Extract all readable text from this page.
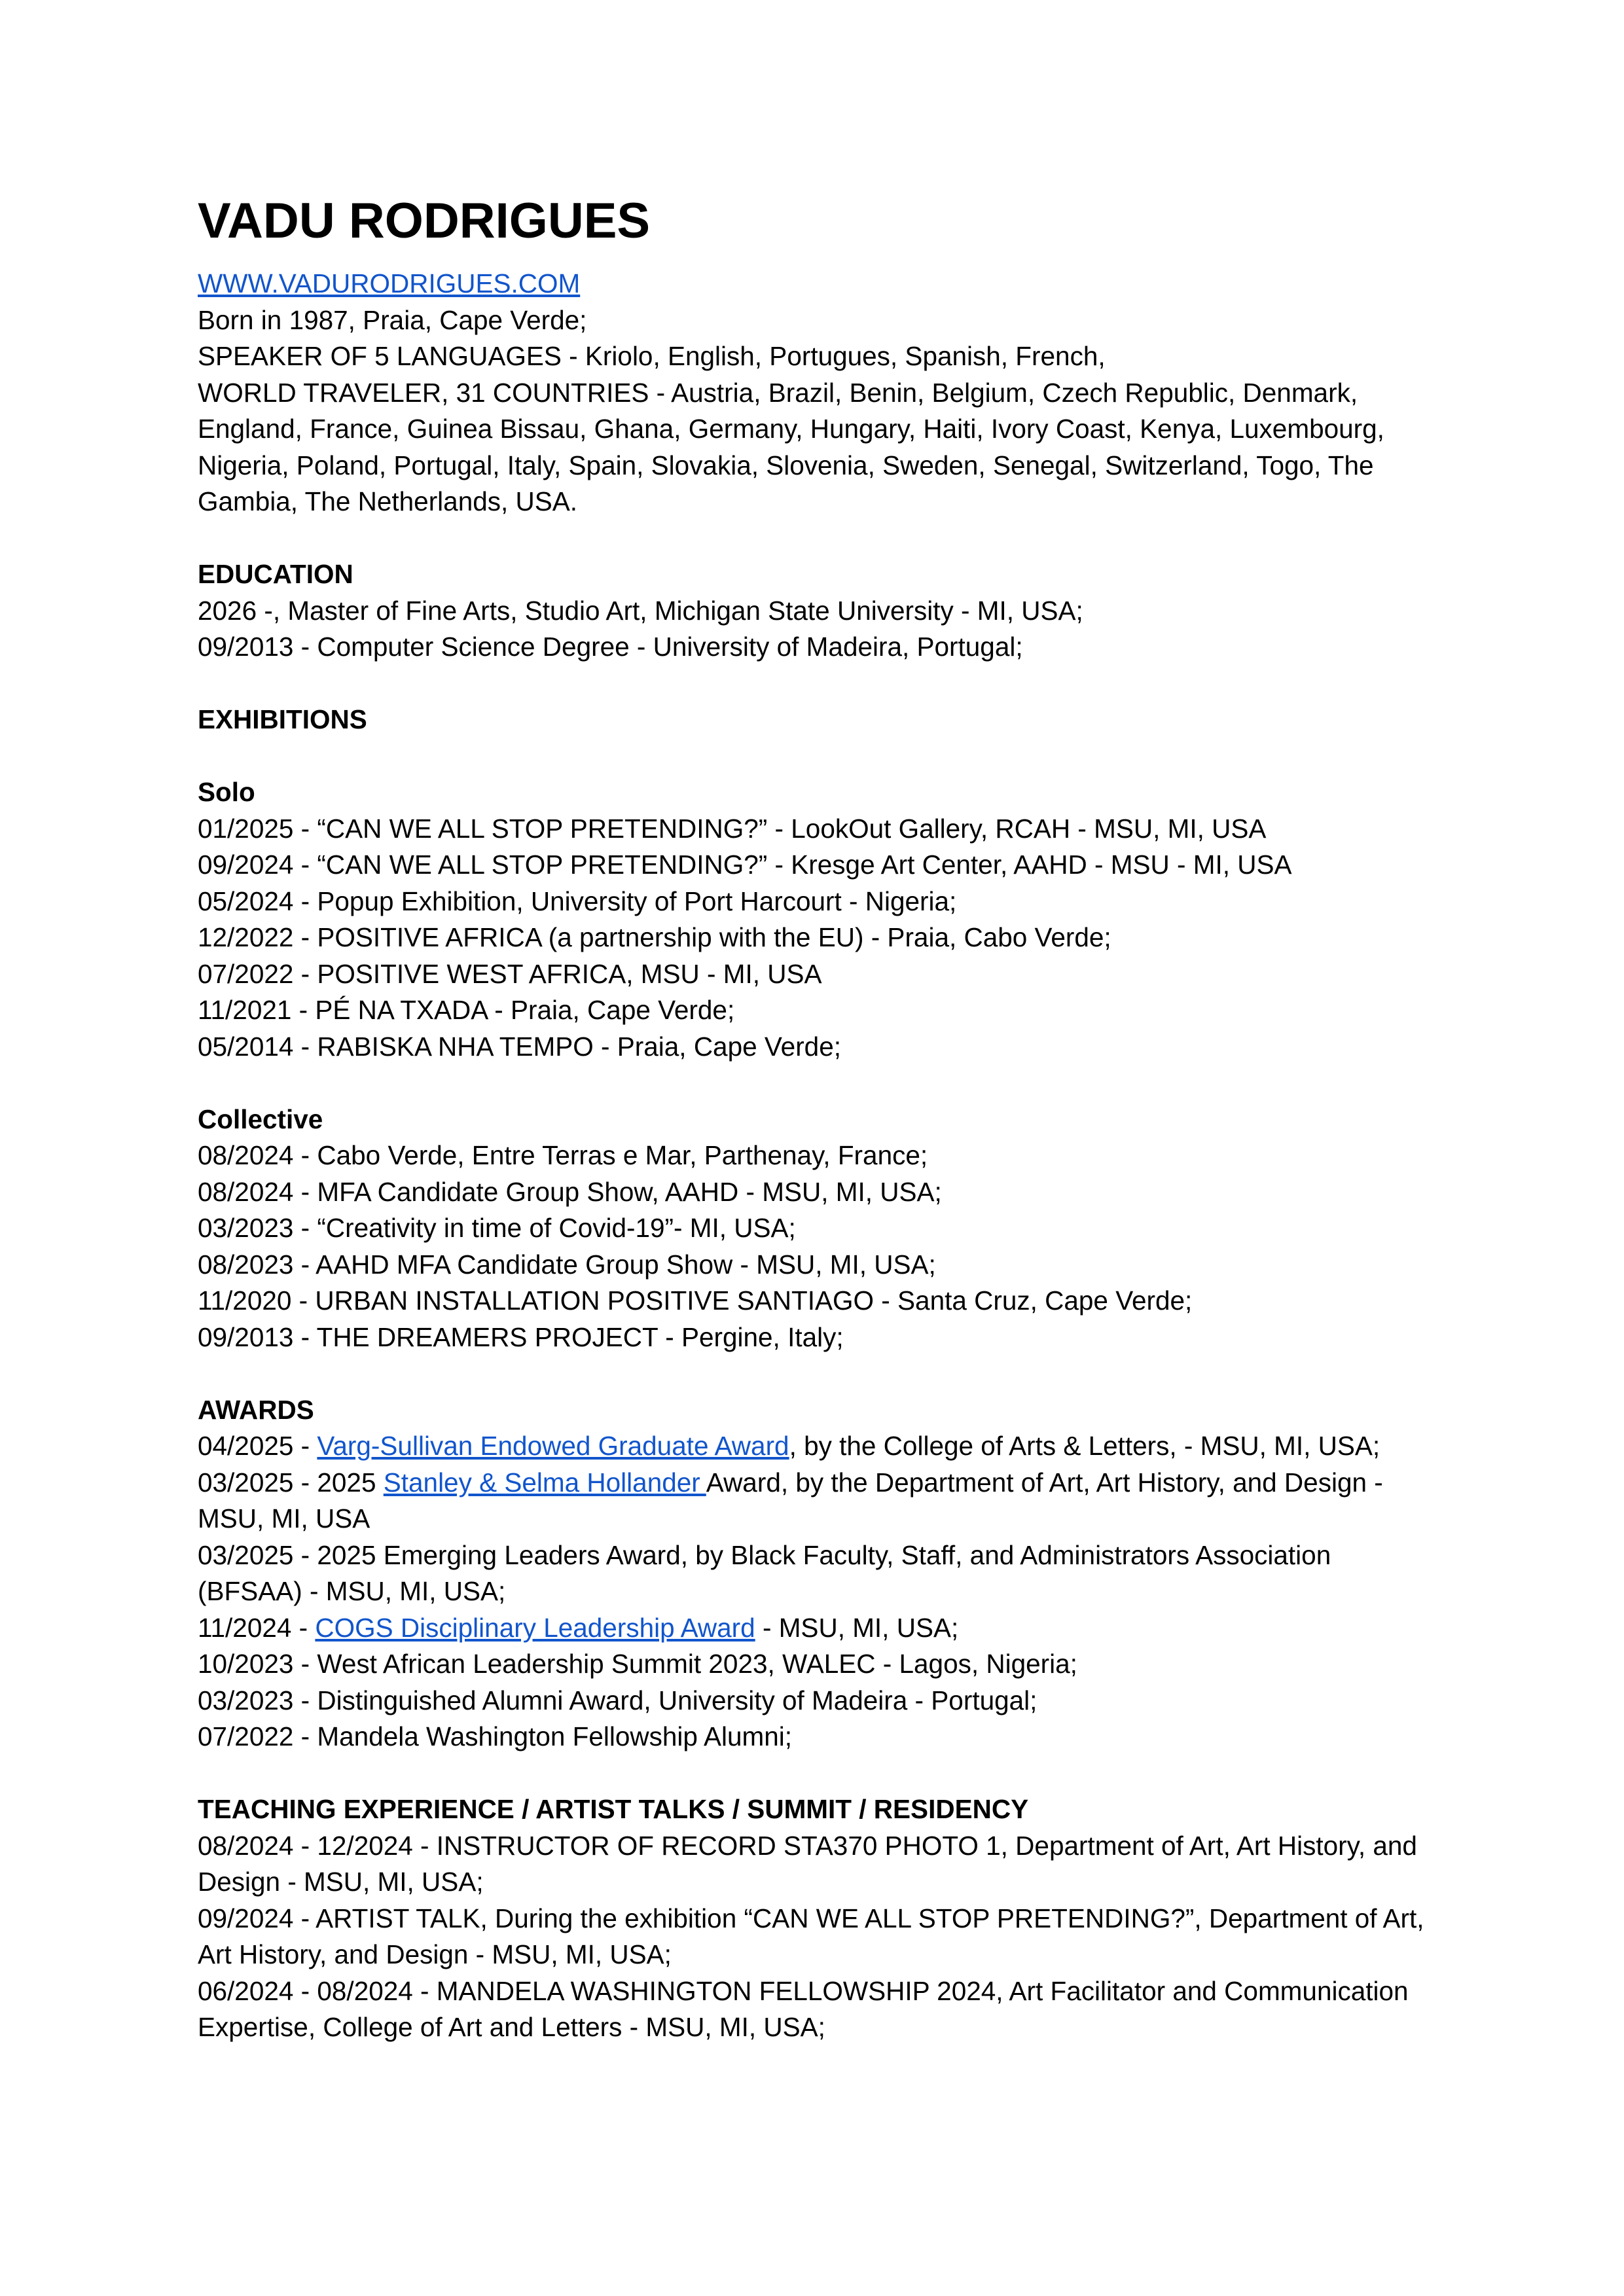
VADU RODRIGUES
WWW.VADURODRIGUES.COM
Born in 1987, Praia, Cape Verde;
SPEAKER OF 5 LANGUAGES - Kriolo, English, Portugues, Spanish, French,
WORLD TRAVELER, 31 COUNTRIES - Austria, Brazil, Benin, Belgium, Czech Republic, Denmark, England, France, Guinea Bissau, Ghana, Germany, Hungary, Haiti, Ivory Coast, Kenya, Luxembourg, Nigeria, Poland, Portugal, Italy, Spain, Slovakia, Slovenia, Sweden, Senegal, Switzerland, Togo, The Gambia, The Netherlands, USA.
EDUCATION
2026 -, Master of Fine Arts, Studio Art, Michigan State University - MI, USA;
09/2013 - Computer Science Degree - University of Madeira, Portugal;
EXHIBITIONS
Solo
01/2025 - “CAN WE ALL STOP PRETENDING?” - LookOut Gallery, RCAH - MSU, MI, USA
09/2024 - “CAN WE ALL STOP PRETENDING?” - Kresge Art Center, AAHD - MSU - MI, USA
05/2024 - Popup Exhibition, University of Port Harcourt - Nigeria;
12/2022 - POSITIVE AFRICA (a partnership with the EU) - Praia, Cabo Verde;
07/2022 - POSITIVE WEST AFRICA, MSU - MI, USA
11/2021 - PÉ NA TXADA - Praia, Cape Verde;
05/2014 - RABISKA NHA TEMPO - Praia, Cape Verde;
Collective
08/2024 - Cabo Verde, Entre Terras e Mar, Parthenay, France;
08/2024 - MFA Candidate Group Show, AAHD - MSU, MI, USA;
03/2023 - “Creativity in time of Covid-19”- MI, USA;
08/2023 - AAHD MFA Candidate Group Show - MSU, MI, USA;
11/2020 - URBAN INSTALLATION POSITIVE SANTIAGO - Santa Cruz, Cape Verde;
09/2013 - THE DREAMERS PROJECT - Pergine, Italy;
AWARDS
04/2025 - Varg-Sullivan Endowed Graduate Award, by the College of Arts & Letters, - MSU, MI, USA;
03/2025 - 2025 Stanley & Selma Hollander Award, by the Department of Art, Art History, and Design - MSU, MI, USA
03/2025 - 2025 Emerging Leaders Award, by Black Faculty, Staff, and Administrators Association (BFSAA) - MSU, MI, USA;
11/2024 - COGS Disciplinary Leadership Award - MSU, MI, USA;
10/2023 - West African Leadership Summit 2023, WALEC - Lagos, Nigeria;
03/2023 - Distinguished Alumni Award, University of Madeira - Portugal;
07/2022 - Mandela Washington Fellowship Alumni;
TEACHING EXPERIENCE / ARTIST TALKS / SUMMIT / RESIDENCY
08/2024 - 12/2024 - INSTRUCTOR OF RECORD STA370 PHOTO 1, Department of Art, Art History, and Design - MSU, MI, USA;
09/2024 - ARTIST TALK, During the exhibition “CAN WE ALL STOP PRETENDING?”, Department of Art, Art History, and Design - MSU, MI, USA;
06/2024 - 08/2024 - MANDELA WASHINGTON FELLOWSHIP 2024, Art Facilitator and Communication Expertise, College of Art and Letters - MSU, MI, USA;
